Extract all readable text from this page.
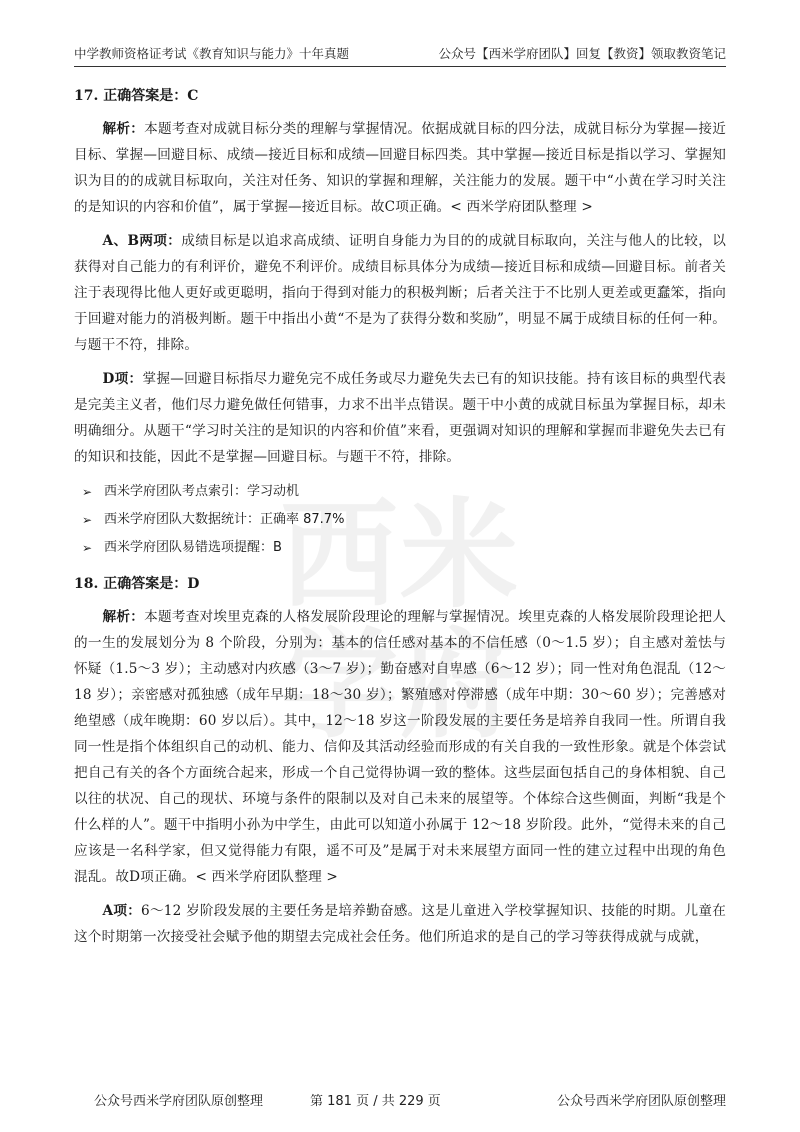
中学教师资格证考试《教育知识与能力》十年真题	公众号【西米学府团队】回复【教资】领取教资笔记
西 米
学 府
17. 正确答案是：C

解析：本题考查对成就目标分类的理解与掌握情况。依据成就目标的四分法，成就目标分为掌握—接近目标、掌握—回避目标、成绩—接近目标和成绩—回避目标四类。其中掌握—接近目标是指以学习、掌握知识为目的的成就目标取向，关注对任务、知识的掌握和理解，关注能力的发展。题干中“小黄在学习时关注的是知识的内容和价值”，属于掌握—接近目标。故C项正确。< 西米学府团队整理 >

A、B两项：成绩目标是以追求高成绩、证明自身能力为目的的成就目标取向，关注与他人的比较，以获得对自己能力的有利评价，避免不利评价。成绩目标具体分为成绩—接近目标和成绩—回避目标。前者关注于表现得比他人更好或更聪明，指向于得到对能力的积极判断；后者关注于不比别人更差或更蠢笨，指向于回避对能力的消极判断。题干中指出小黄“不是为了获得分数和奖励”，明显不属于成绩目标的任何一种。与题干不符，排除。

D项：掌握—回避目标指尽力避免完不成任务或尽力避免失去已有的知识技能。持有该目标的典型代表是完美主义者，他们尽力避免做任何错事，力求不出半点错误。题干中小黄的成就目标虽为掌握目标，却未明确细分。从题干“学习时关注的是知识的内容和价值”来看，更强调对知识的理解和掌握而非避免失去已有的知识和技能，因此不是掌握—回避目标。与题干不符，排除。

➢ 西米学府团队考点索引：学习动机
➢ 西米学府团队大数据统计：正确率 87.7%
➢ 西米学府团队易错选项提醒：B
18. 正确答案是：D

解析：本题考查对埃里克森的人格发展阶段理论的理解与掌握情况。埃里克森的人格发展阶段理论把人的一生的发展划分为 8 个阶段，分别为：基本的信任感对基本的不信任感（0～1.5 岁）；自主感对羞怯与怀疑（1.5～3 岁）；主动感对内疚感（3～7 岁）；勤奋感对自卑感（6～12 岁）；同一性对角色混乱（12～18 岁）；亲密感对孤独感（成年早期：18～30 岁）；繁殖感对停滞感（成年中期：30～60 岁）；完善感对绝望感（成年晚期：60 岁以后）。其中，12～18 岁这一阶段发展的主要任务是培养自我同一性。所谓自我同一性是指个体组织自己的动机、能力、信仰及其活动经验而形成的有关自我的一致性形象。就是个体尝试把自己有关的各个方面统合起来，形成一个自己觉得协调一致的整体。这些层面包括自己的身体相貌、自己以往的状况、自己的现状、环境与条件的限制以及对自己未来的展望等。个体综合这些侧面，判断“我是个什么样的人”。题干中指明小孙为中学生，由此可以知道小孙属于 12～18 岁阶段。此外，“觉得未来的自己应该是一名科学家，但又觉得能力有限，遥不可及”是属于对未来展望方面同一性的建立过程中出现的角色混乱。故D项正确。< 西米学府团队整理 >

A项：6～12 岁阶段发展的主要任务是培养勤奋感。这是儿童进入学校掌握知识、技能的时期。儿童在这个时期第一次接受社会赋予他的期望去完成社会任务。他们所追求的是自己的学习等获得成就与成就，

公众号西米学府团队原创整理	第 181 页 / 共 229 页	公众号西米学府团队原创整理
